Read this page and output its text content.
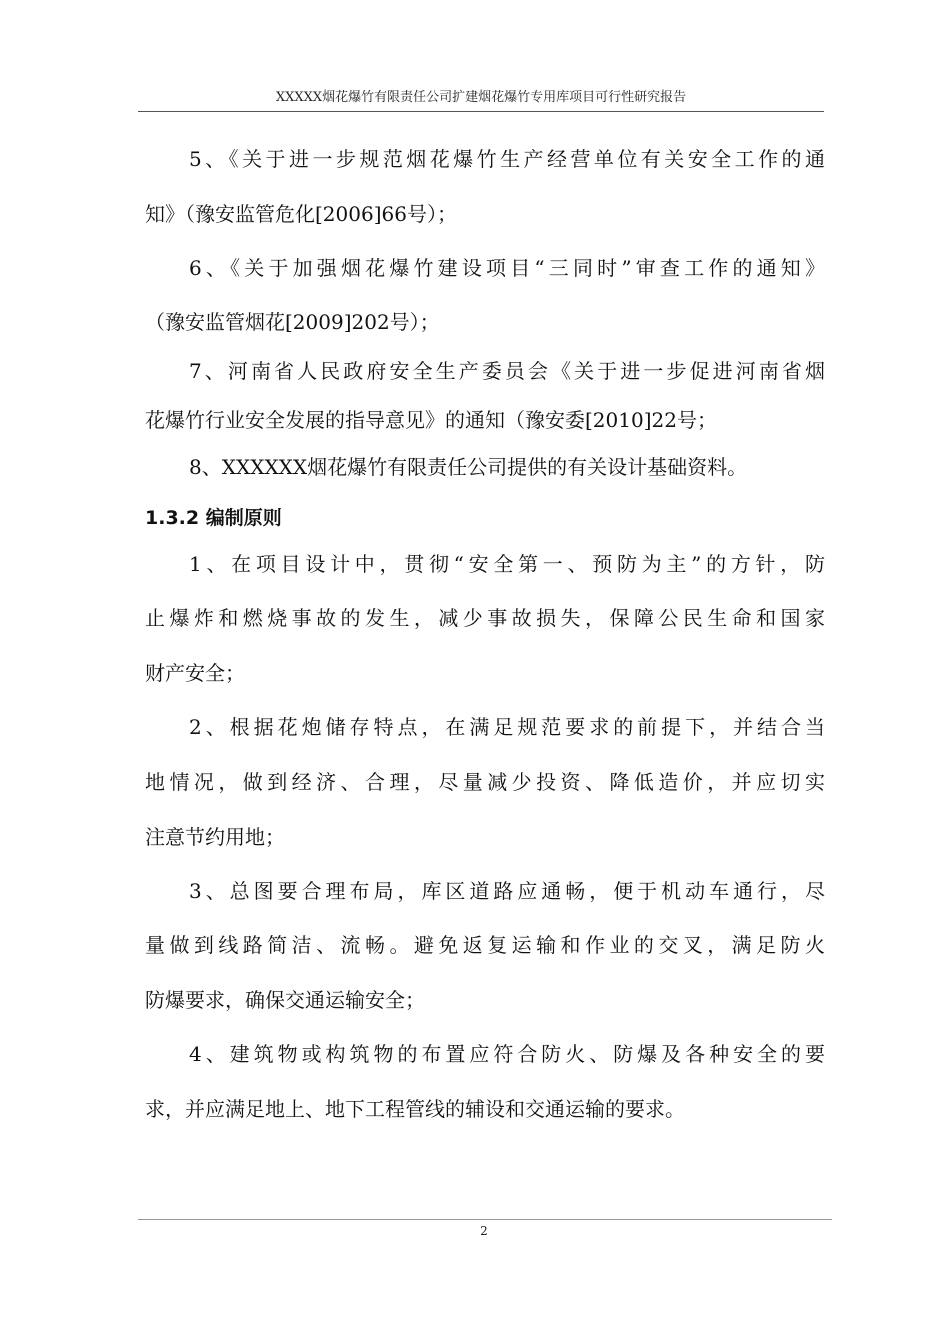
XXXXX烟花爆竹有限责任公司扩建烟花爆竹专用库项目可行性研究报告
5、《关于进一步规范烟花爆竹生产经营单位有关安全工作的通
知》（豫安监管危化[2006]66号）；
6、《关于加强烟花爆竹建设项目“三同时”审查工作的通知》
（豫安监管烟花[2009]202号）；
7、河南省人民政府安全生产委员会《关于进一步促进河南省烟
花爆竹行业安全发展的指导意见》的通知（豫安委[2010]22号；
8、XXXXXX烟花爆竹有限责任公司提供的有关设计基础资料。
1.3.2 编制原则
1、在项目设计中，贯彻“安全第一、预防为主”的方针，防
止爆炸和燃烧事故的发生，减少事故损失，保障公民生命和国家
财产安全；
2、根据花炮储存特点，在满足规范要求的前提下，并结合当
地情况，做到经济、合理，尽量减少投资、降低造价，并应切实
注意节约用地；
3、总图要合理布局，库区道路应通畅，便于机动车通行，尽
量做到线路简洁、流畅。避免返复运输和作业的交叉，满足防火
防爆要求，确保交通运输安全；
4、建筑物或构筑物的布置应符合防火、防爆及各种安全的要
求，并应满足地上、地下工程管线的辅设和交通运输的要求。
2
